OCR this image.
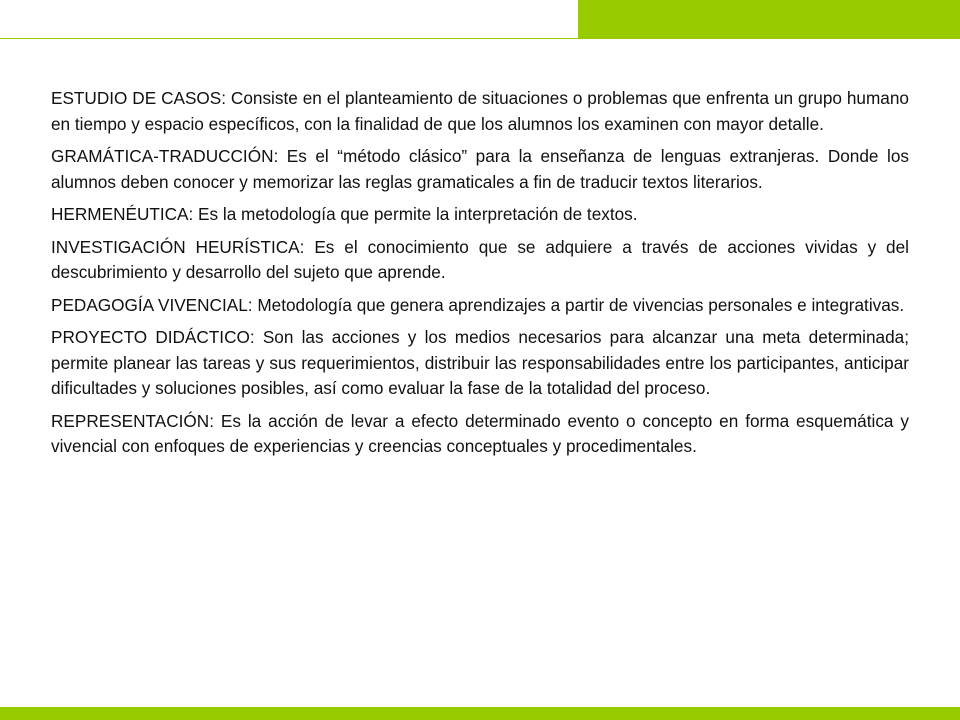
ESTUDIO DE CASOS: Consiste en el planteamiento de situaciones o problemas que enfrenta un grupo humano en tiempo y espacio específicos, con la finalidad de que los alumnos los examinen con mayor detalle.

GRAMÁTICA-TRADUCCIÓN: Es el “método clásico” para la enseñanza de lenguas extranjeras. Donde los alumnos deben conocer y memorizar las reglas gramaticales a fin de traducir textos literarios.

HERMENÉUTICA: Es la metodología que permite la interpretación de textos.

INVESTIGACIÓN HEURÍSTICA: Es el conocimiento que se adquiere a través de acciones vividas y del descubrimiento y desarrollo del sujeto que aprende.

PEDAGOGÍA VIVENCIAL: Metodología que genera aprendizajes a partir de vivencias personales e integrativas.

PROYECTO DIDÁCTICO: Son las acciones y los medios necesarios para alcanzar una meta determinada; permite planear las tareas y sus requerimientos, distribuir las responsabilidades entre los participantes, anticipar dificultades y soluciones posibles, así como evaluar la fase de la totalidad del proceso.

REPRESENTACIÓN: Es la acción de levar a efecto determinado evento o concepto en forma esquemática y vivencial con enfoques de experiencias y creencias conceptuales y procedimentales.
